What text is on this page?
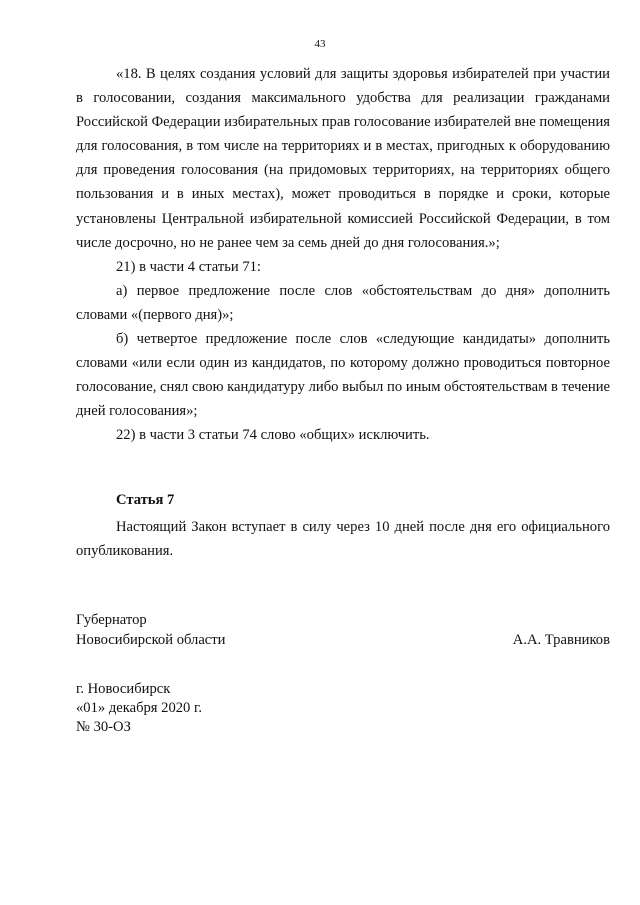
43

«18. В целях создания условий для защиты здоровья избирателей при участии в голосовании, создания максимального удобства для реализации гражданами Российской Федерации избирательных прав голосование избирателей вне помещения для голосования, в том числе на территориях и в местах, пригодных к оборудованию для проведения голосования (на придомовых территориях, на территориях общего пользования и в иных местах), может проводиться в порядке и сроки, которые установлены Центральной избирательной комиссией Российской Федерации, в том числе досрочно, но не ранее чем за семь дней до дня голосования.»;

21) в части 4 статьи 71:

а) первое предложение после слов «обстоятельствам до дня» дополнить словами «(первого дня)»;

б) четвертое предложение после слов «следующие кандидаты» дополнить словами «или если один из кандидатов, по которому должно проводиться повторное голосование, снял свою кандидатуру либо выбыл по иным обстоятельствам в течение дней голосования»;

22) в части 3 статьи 74 слово «общих» исключить.

Статья 7

Настоящий Закон вступает в силу через 10 дней после дня его официального опубликования.

Губернатор
Новосибирской области	А.А. Травников
г. Новосибирск
«01» декабря 2020 г.
№ 30-ОЗ
